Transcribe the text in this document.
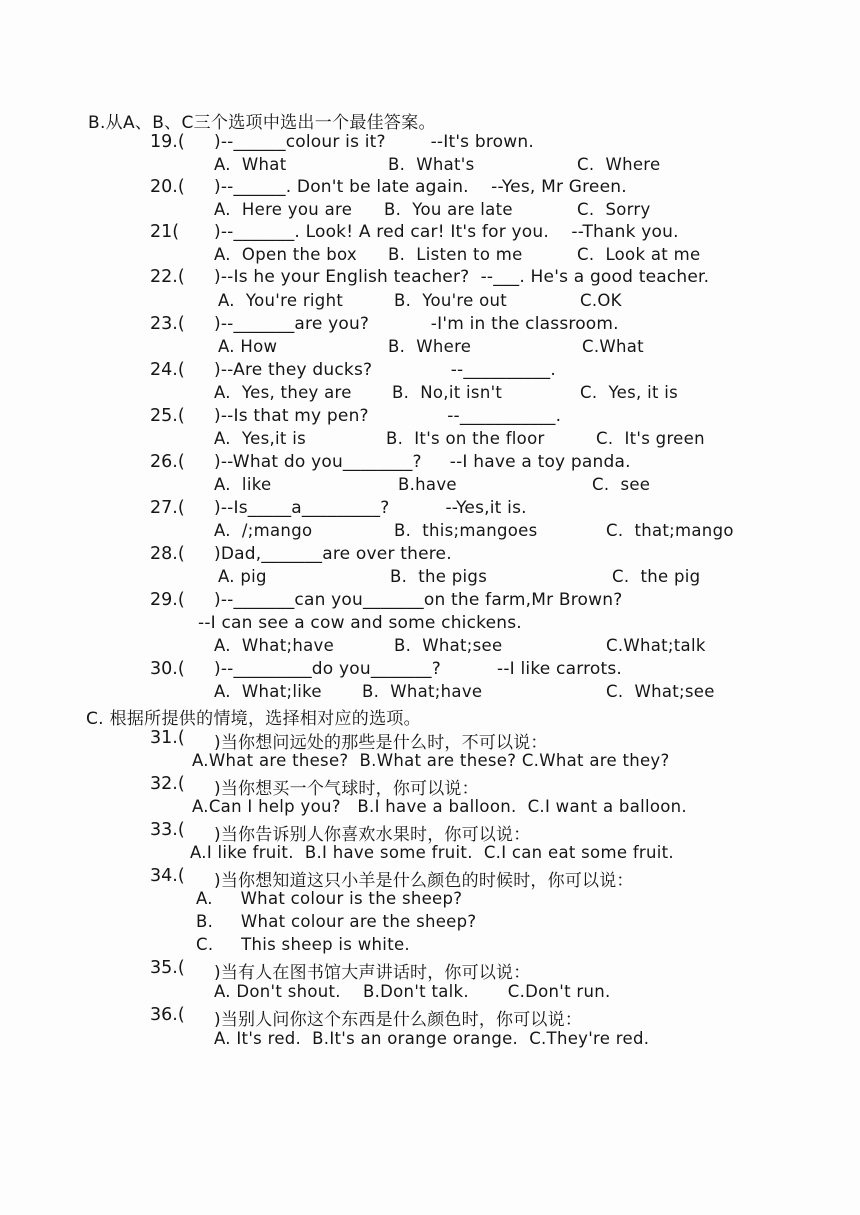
B.从A、B、C三个选项中选出一个最佳答案。
19.( )--______colour is it?        --It's brown.
A.  What	B.  What's	C.  Where
20.( )--______. Don't be late again.    --Yes, Mr Green.
A.  Here you are B.  You are late	C.  Sorry
21( )--_______. Look! A red car! It's for you.    --Thank you.
A.  Open the box B.  Listen to me	C.  Look at me
22.( )--Is he your English teacher?  --___. He's a good teacher.
A.  You're right	B.  You're out	C.OK
23.( )--_______are you?           -I'm in the classroom.
A. How	B.  Where	C.What
24.( )--Are they ducks?              --__________.
A.  Yes, they are B.  No,it isn't	C.  Yes, it is
25.( )--Is that my pen?              --___________.
A.  Yes,it is	B.  It's on the floor	C.  It's green
26.( )--What do you________?     --I have a toy panda.
A.  like	B.have	C.  see
27.( )--Is_____a_________?          --Yes,it is.
A.  /;mango	B.  this;mangoes	C.  that;mango
28.( )Dad,_______are over there.
A. pig	B.  the pigs	C.  the pig
29.( )--_______can you_______on the farm,Mr Brown?
--I can see a cow and some chickens.
A.  What;have	B.  What;see	C.What;talk
30.( )--_________do you_______?          --I like carrots.
A.  What;like B.  What;have	C.  What;see
C. 根据所提供的情境，选择相对应的选项。
31.( )当你想问远处的那些是什么时，不可以说：
A.What are these?  B.What are these? C.What are they?
32.( )当你想买一个气球时，你可以说：
A.Can I help you?   B.I have a balloon.  C.I want a balloon.
33.( )当你告诉别人你喜欢水果时，你可以说：
A.I like fruit.  B.I have some fruit.  C.I can eat some fruit.
34.( )当你想知道这只小羊是什么颜色的时候时，你可以说：
A.     What colour is the sheep?
B.     What colour are the sheep?
C.     This sheep is white.
35.( )当有人在图书馆大声讲话时，你可以说：
A. Don't shout.    B.Don't talk.       C.Don't run.
36.( )当别人问你这个东西是什么颜色时，你可以说：
A. It's red.  B.It's an orange orange.  C.They're red.
